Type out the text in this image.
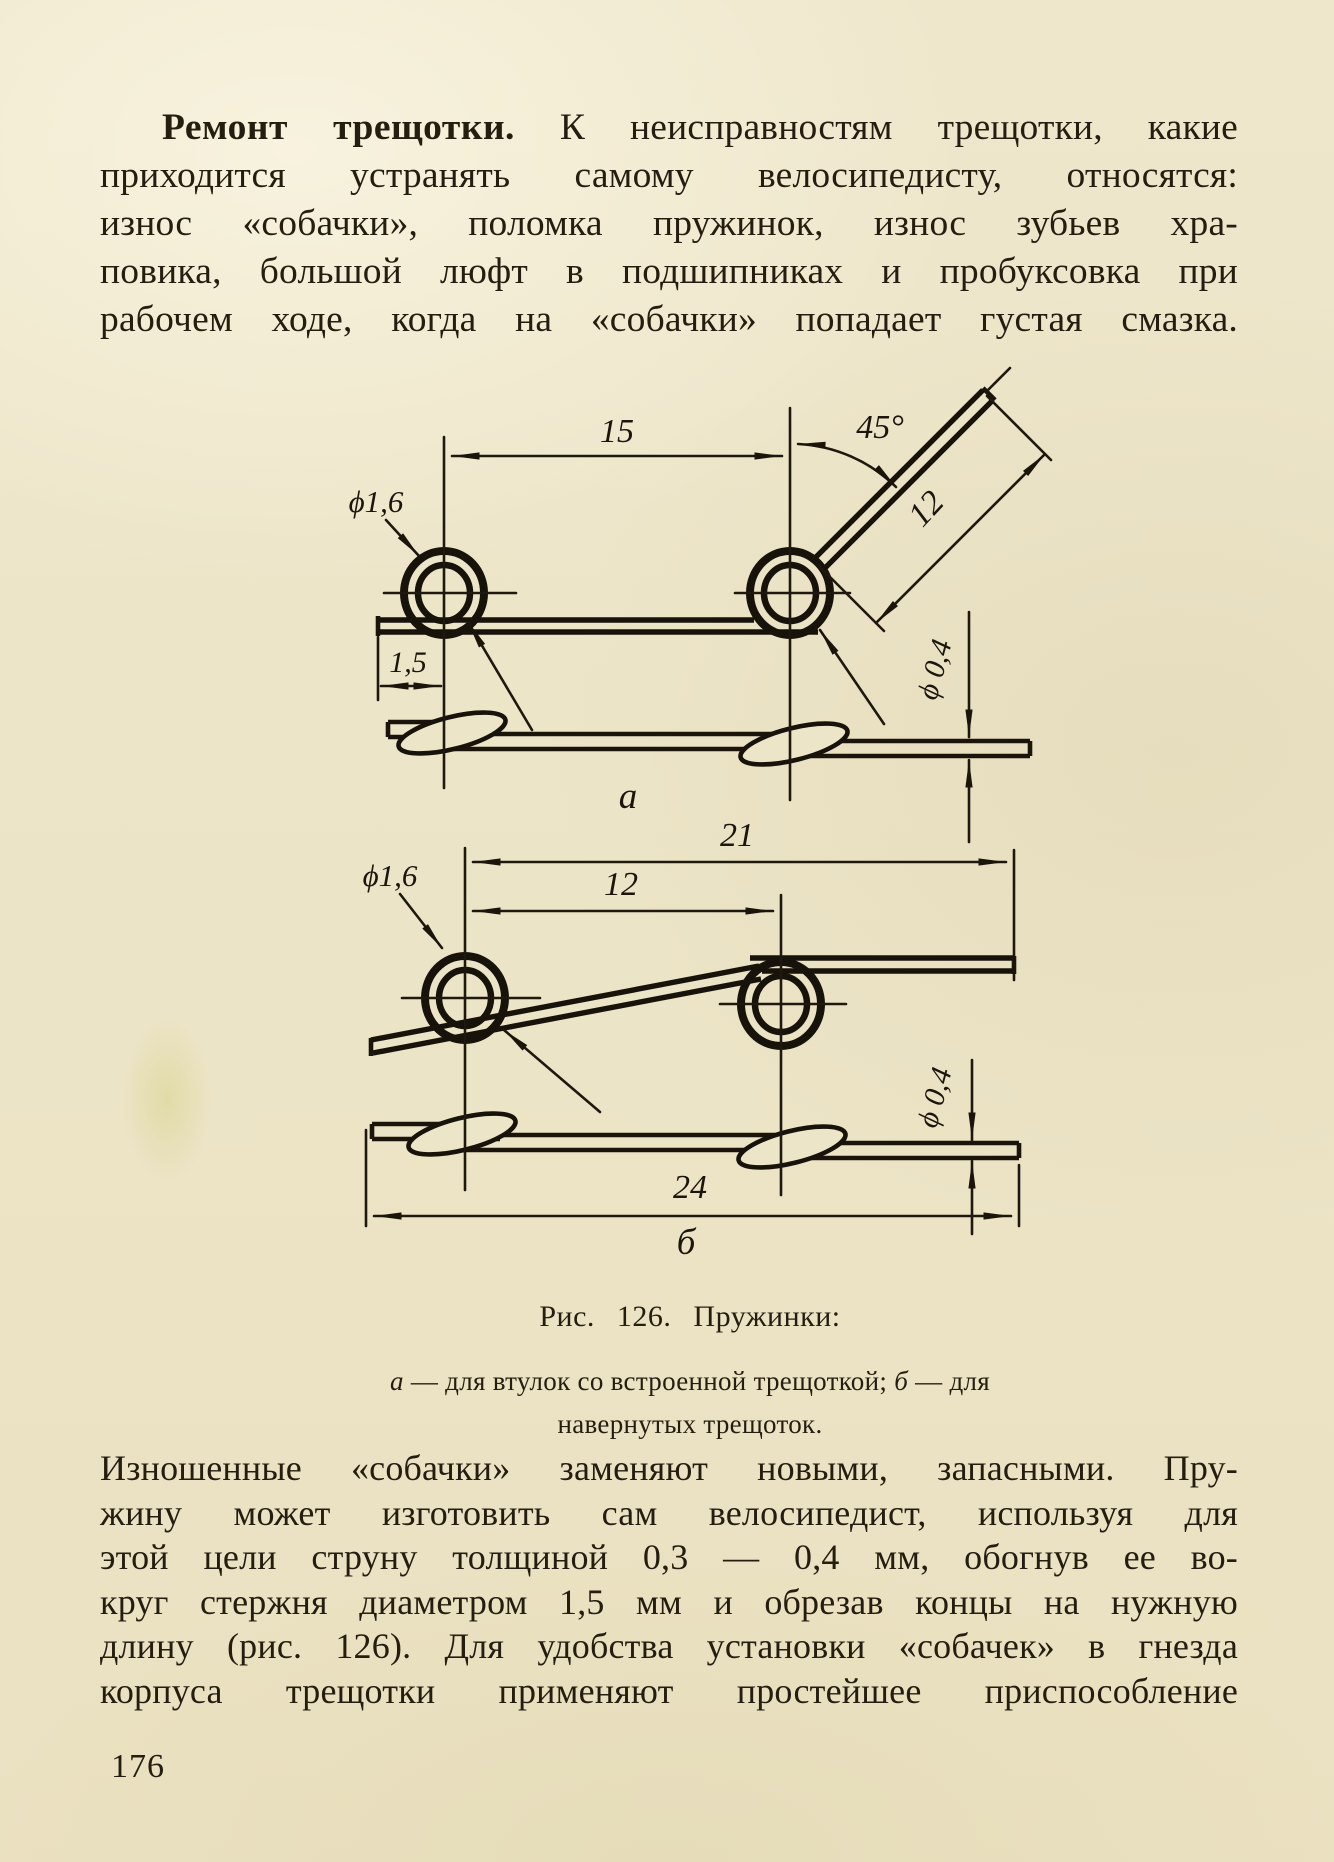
Ремонт трещотки. К неисправностям трещотки, какие
приходится устранять самому велосипедисту, относятся:
износ «собачки», поломка пружинок, износ зубьев хра-
повика, большой люфт в подшипниках и пробуксовка при
рабочем ходе, когда на «собачки» попадает густая смазка.
15	45°
ϕ1,6	12
1,5	ϕ 0,4
а
21
12
ϕ1,6
ϕ 0,4
24
б
Рис. 126. Пружинки:
а — для втулок со встроенной трещоткой; б — для
навернутых трещоток.
Изношенные «собачки» заменяют новыми, запасными. Пру-
жину может изготовить сам велосипедист, используя для
этой цели струну толщиной 0,3 — 0,4 мм, обогнув ее во-
круг стержня диаметром 1,5 мм и обрезав концы на нужную
длину (рис. 126). Для удобства установки «собачек» в гнезда
корпуса трещотки применяют простейшее приспособление
176
